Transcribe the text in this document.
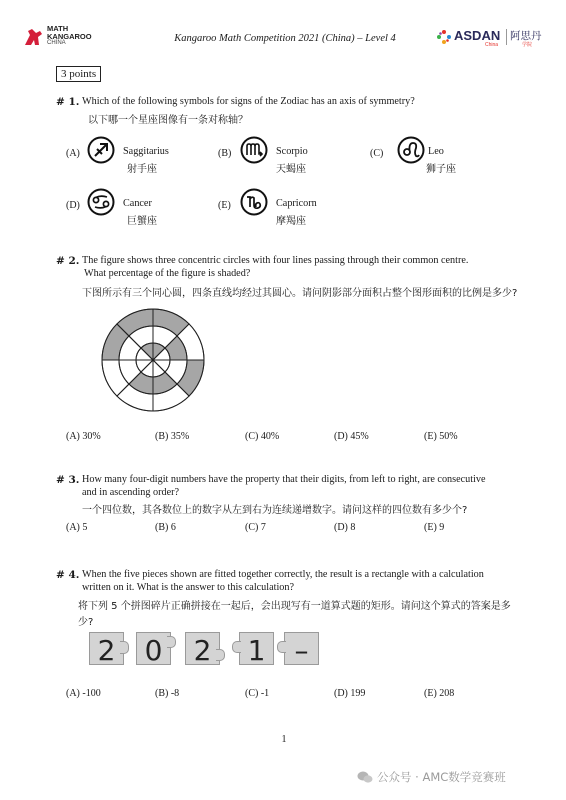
MATH
KANGAROO
CHINA	Kangaroo Math Competition 2021 (China) – Level 4	ASDAN
China
阿思丹
学院
3 points
# 1. Which of the following symbols for signs of the Zodiac has an axis of symmetry?
以下哪一个星座图像有一条对称轴？
(A)	Saggitarius
射手座
(B)	Scorpio
天蝎座
(C)	Leo
狮子座
(D)	Cancer
巨蟹座
(E)	Capricorn
摩羯座
# 2. The figure shows three concentric circles with four lines passing through their common centre.
What percentage of the figure is shaded?
下图所示有三个同心圆，四条直线均经过其圆心。请问阴影部分面积占整个图形面积的比例是多少?
(A) 30%	(B) 35%	(C) 40%	(D) 45%	(E) 50%
# 3. How many four-digit numbers have the property that their digits, from left to right, are consecutive
and in ascending order?
一个四位数，其各数位上的数字从左到右为连续递增数字。请问这样的四位数有多少个?
(A) 5	(B) 6	(C) 7	(D) 8	(E) 9
# 4. When the five pieces shown are fitted together correctly, the result is a rectangle with a calculation
written on it. What is the answer to this calculation?
将下列 5 个拼图碎片正确拼接在一起后，会出现写有一道算式题的矩形。请问这个算式的答案是多
少?
2 0 2 1	–
(A) -100	(B) -8	(C) -1	(D) 199	(E) 208
1
公众号 · AMC数学竞赛班
